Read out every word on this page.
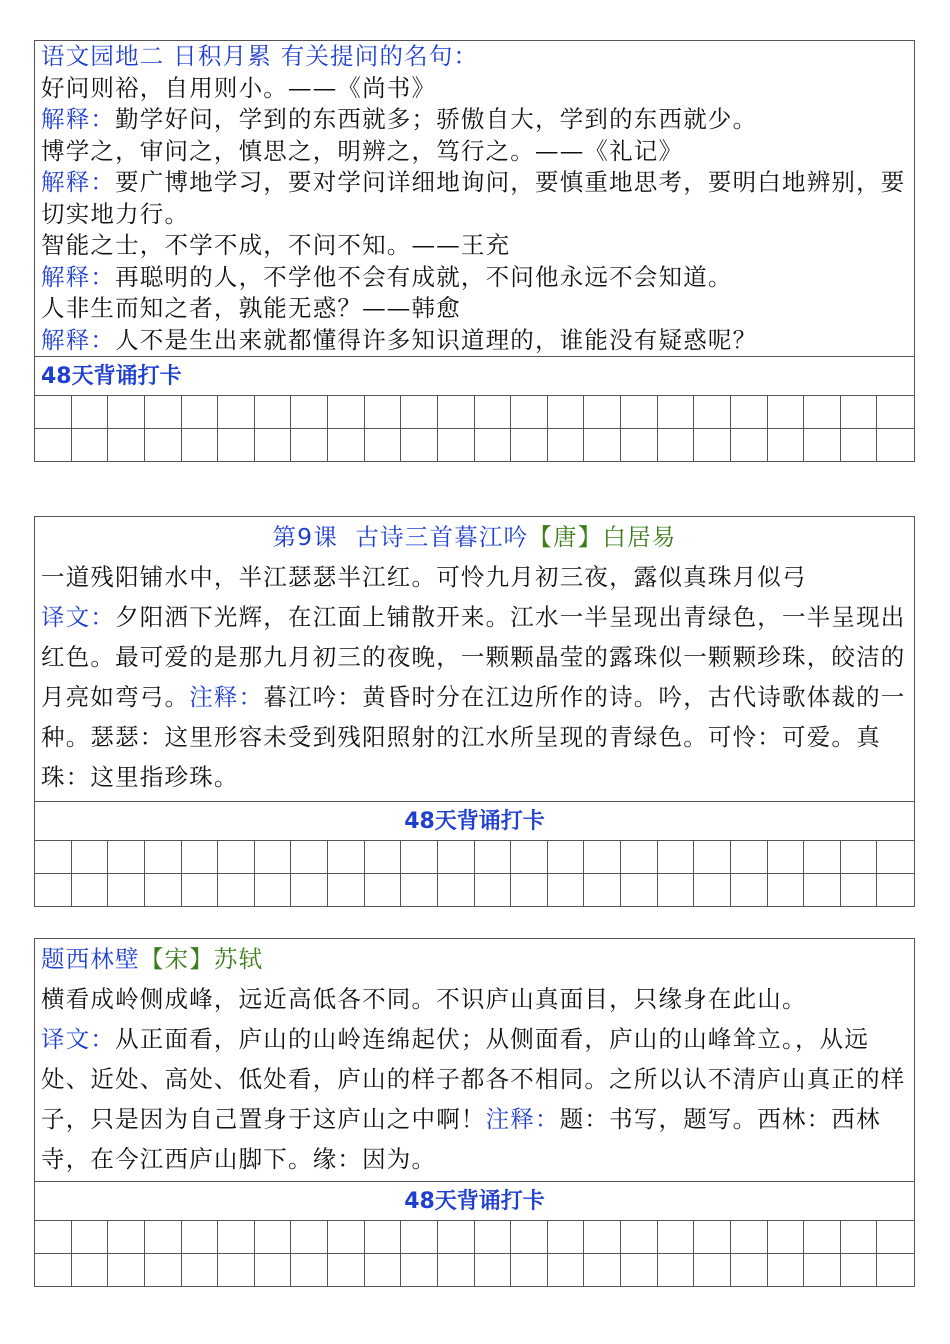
语文园地二 日积月累 有关提问的名句：
好问则裕，自用则小。——《尚书》
解释：勤学好问，学到的东西就多；骄傲自大，学到的东西就少。
博学之，审问之，慎思之，明辨之，笃行之。——《礼记》
解释：要广博地学习，要对学问详细地询问，要慎重地思考，要明白地辨别，要切实地力行。
智能之士，不学不成，不问不知。——王充
解释：再聪明的人，不学他不会有成就，不问他永远不会知道。
人非生而知之者，孰能无惑？——韩愈
解释：人不是生出来就都懂得许多知识道理的，谁能没有疑惑呢？
48天背诵打卡
第9课 古诗三首暮江吟【唐】白居易
一道残阳铺水中，半江瑟瑟半江红。可怜九月初三夜，露似真珠月似弓
译文：夕阳洒下光辉，在江面上铺散开来。江水一半呈现出青绿色，一半呈现出红色。最可爱的是那九月初三的夜晚，一颗颗晶莹的露珠似一颗颗珍珠，皎洁的月亮如弯弓。注释：暮江吟：黄昏时分在江边所作的诗。吟，古代诗歌体裁的一种。瑟瑟：这里形容未受到残阳照射的江水所呈现的青绿色。可怜：可爱。真珠：这里指珍珠。
48天背诵打卡
题西林壁【宋】苏轼
横看成岭侧成峰，远近高低各不同。不识庐山真面目，只缘身在此山。
译文：从正面看，庐山的山岭连绵起伏；从侧面看，庐山的山峰耸立。，从远处、近处、高处、低处看，庐山的样子都各不相同。之所以认不清庐山真正的样子，只是因为自己置身于这庐山之中啊！注释：题：书写，题写。西林：西林寺，在今江西庐山脚下。缘：因为。
48天背诵打卡
